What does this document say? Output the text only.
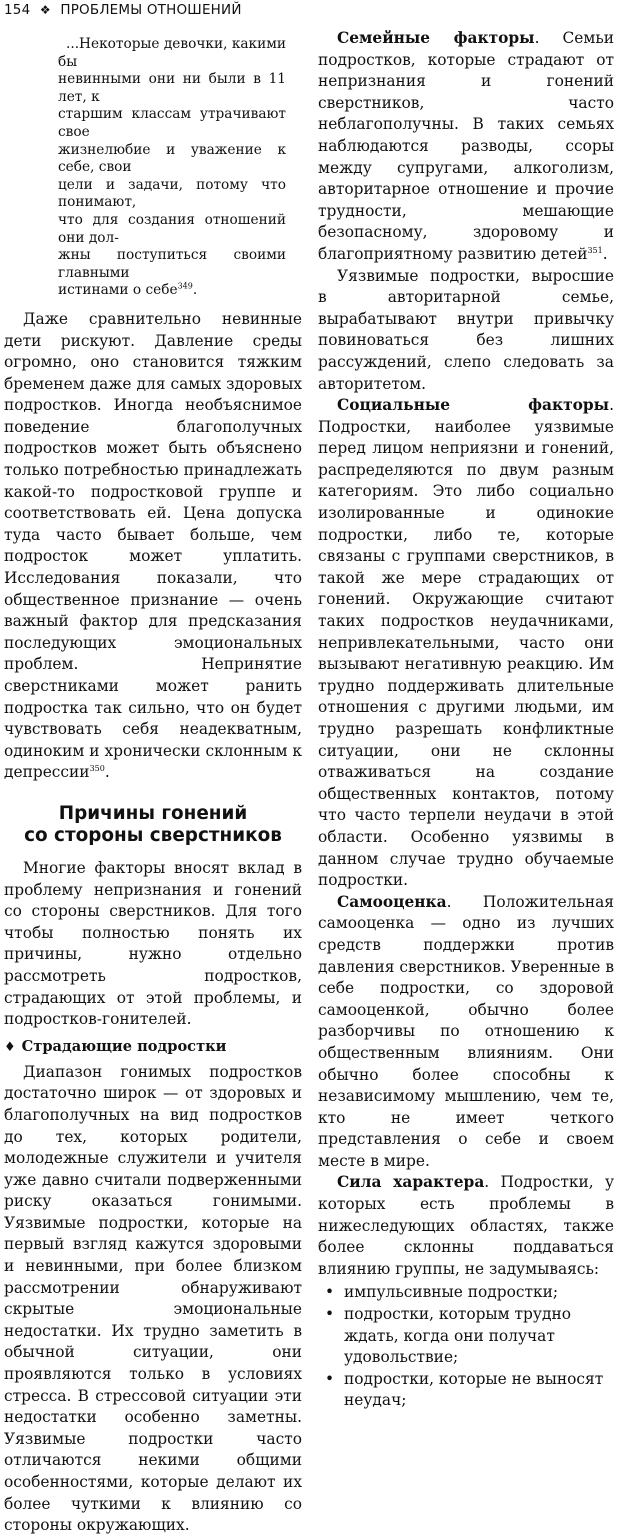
154 ❖ ПРОБЛЕМЫ ОТНОШЕНИЙ
...Некоторые девочки, какими бы
невинными они ни были в 11 лет, к
старшим классам утрачивают свое
жизнелюбие и уважение к себе, свои
цели и задачи, потому что понимают,
что для создания отношений они дол-
жны поступиться своими главными
истинами о себе$^{349}$.

Даже сравнительно невинные дети рискуют. Давление среды огромно, оно становится тяжким бременем даже для самых здоровых подростков. Иногда необъяснимое поведение благополучных подростков может быть объяснено только потребностью принадлежать какой-то подростковой группе и соответствовать ей. Цена допуска туда часто бывает больше, чем подросток может уплатить. Исследования показали, что общественное признание — очень важный фактор для предсказания последующих эмоциональных проблем. Непринятие сверстниками может ранить подростка так сильно, что он будет чувствовать себя неадекватным, одиноким и хронически склонным к депрессии$^{350}$.

Причины гонений
со стороны сверстников

Многие факторы вносят вклад в проблему непризнания и гонений со стороны сверстников. Для того чтобы полностью понять их причины, нужно отдельно рассмотреть подростков, страдающих от этой проблемы, и подростков-гонителей.

♦ Страдающие подростки

Диапазон гонимых подростков достаточно широк — от здоровых и благополучных на вид подростков до тех, которых родители, молодежные служители и учителя уже давно считали подверженными риску оказаться гонимыми. Уязвимые подростки, которые на первый взгляд кажутся здоровыми и невинными, при более близком рассмотрении обнаруживают скрытые эмоциональные недостатки. Их трудно заметить в обычной ситуации, они проявляются только в условиях стресса. В стрессовой ситуации эти недостатки особенно заметны. Уязвимые подростки часто отличаются некими общими особенностями, которые делают их более чуткими к влиянию со стороны окружающих.

Семейные факторы. Семьи подростков, которые страдают от непризнания и гонений сверстников, часто неблагополучны. В таких семьях наблюдаются разводы, ссоры между супругами, алкоголизм, авторитарное отношение и прочие трудности, мешающие безопасному, здоровому и благоприятному развитию детей$^{351}$.

Уязвимые подростки, выросшие в авторитарной семье, вырабатывают внутри привычку повиноваться без лишних рассуждений, слепо следовать за авторитетом.

Социальные факторы. Подростки, наиболее уязвимые перед лицом неприязни и гонений, распределяются по двум разным категориям. Это либо социально изолированные и одинокие подростки, либо те, которые связаны с группами сверстников, в такой же мере страдающих от гонений. Окружающие считают таких подростков неудачниками, непривлекательными, часто они вызывают негативную реакцию. Им трудно поддерживать длительные отношения с другими людьми, им трудно разрешать конфликтные ситуации, они не склонны отваживаться на создание общественных контактов, потому что часто терпели неудачи в этой области. Особенно уязвимы в данном случае трудно обучаемые подростки.

Самооценка. Положительная самооценка — одно из лучших средств поддержки против давления сверстников. Уверенные в себе подростки, со здоровой самооценкой, обычно более разборчивы по отношению к общественным влияниям. Они обычно более способны к независимому мышлению, чем те, кто не имеет четкого представления о себе и своем месте в мире.

Сила характера. Подростки, у которых есть проблемы в нижеследующих областях, также более склонны поддаваться влиянию группы, не задумываясь:

• импульсивные подростки;
• подростки, которым трудно ждать, когда они получат удовольствие;
• подростки, которые не выносят неудач;
